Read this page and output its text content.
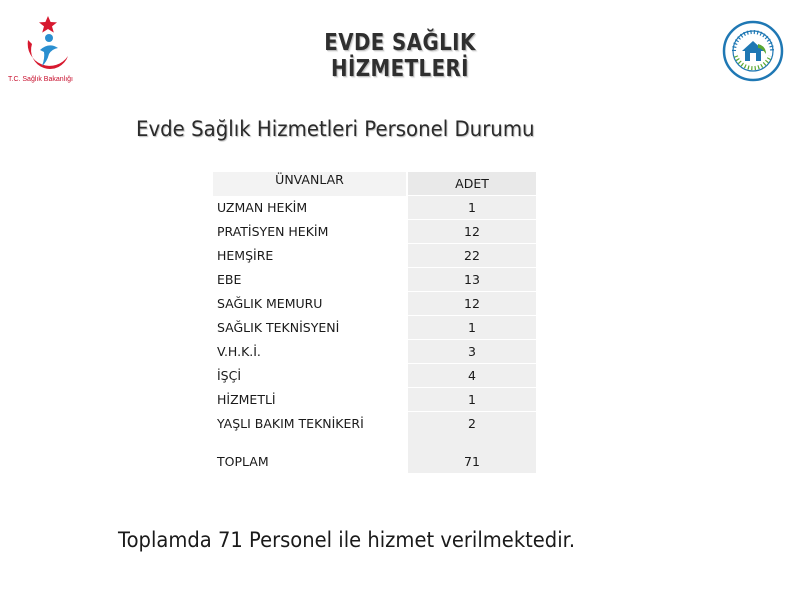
T.C. Sağlık Bakanlığı
EVDE SAĞLIK HİZMETLERİ
Evde Sağlık Hizmetleri Personel Durumu
ÜNVANLAR		ADET
UZMAN HEKİM		1
PRATİSYEN HEKİM		12
HEMŞİRE		22
EBE		13
SAĞLIK MEMURU		12
SAĞLIK TEKNİSYENİ		1
V.H.K.İ.		3
İŞÇİ		4
HİZMETLİ		1
YAŞLI BAKIM TEKNİKERİ		2

TOPLAM		71
Toplamda 71 Personel ile hizmet verilmektedir.
